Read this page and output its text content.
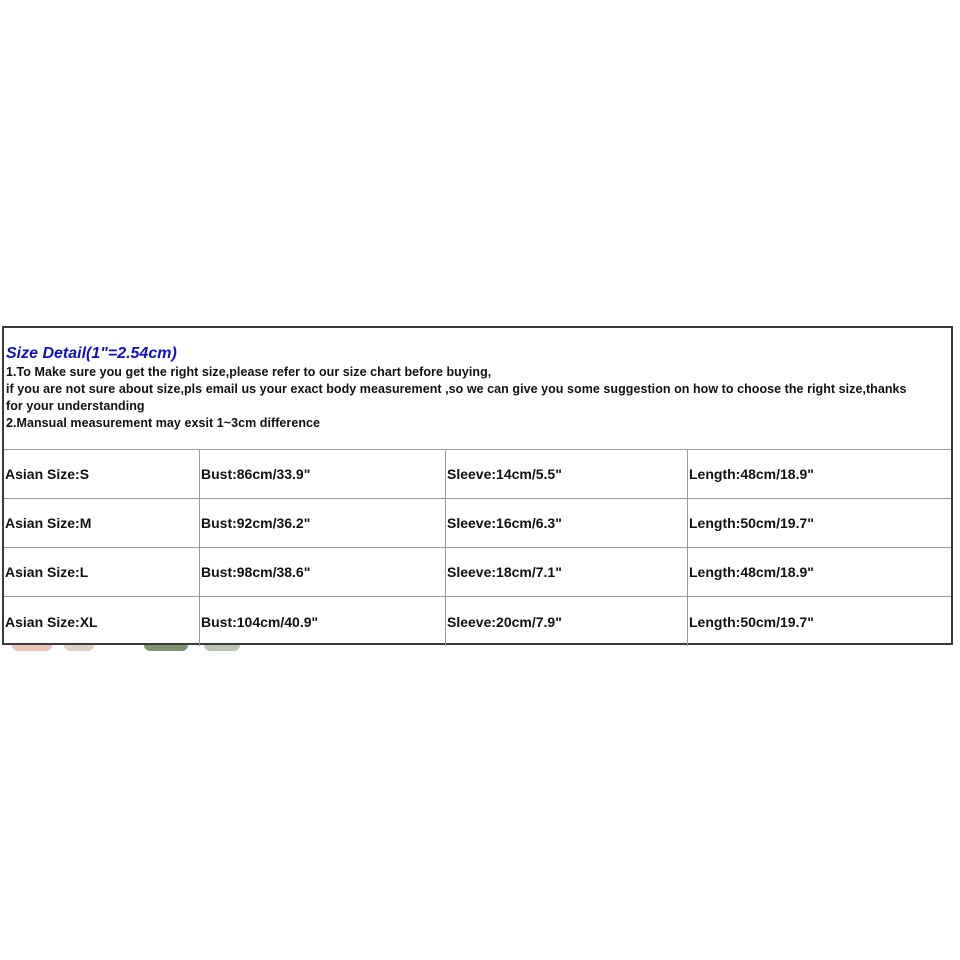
Size Detail(1"=2.54cm)
1.To Make sure you get the right size,please refer to our size chart before buying,
if you are not sure about size,pls email us your exact body measurement ,so we can give you some suggestion on how to choose the right size,thanks
for your understanding
2.Mansual measurement may exsit 1~3cm difference
Asian Size:S	Bust:86cm/33.9"	Sleeve:14cm/5.5"	Length:48cm/18.9"
Asian Size:M	Bust:92cm/36.2"	Sleeve:16cm/6.3"	Length:50cm/19.7"
Asian Size:L	Bust:98cm/38.6"	Sleeve:18cm/7.1"	Length:48cm/18.9"
Asian Size:XL	Bust:104cm/40.9"	Sleeve:20cm/7.9"	Length:50cm/19.7"
